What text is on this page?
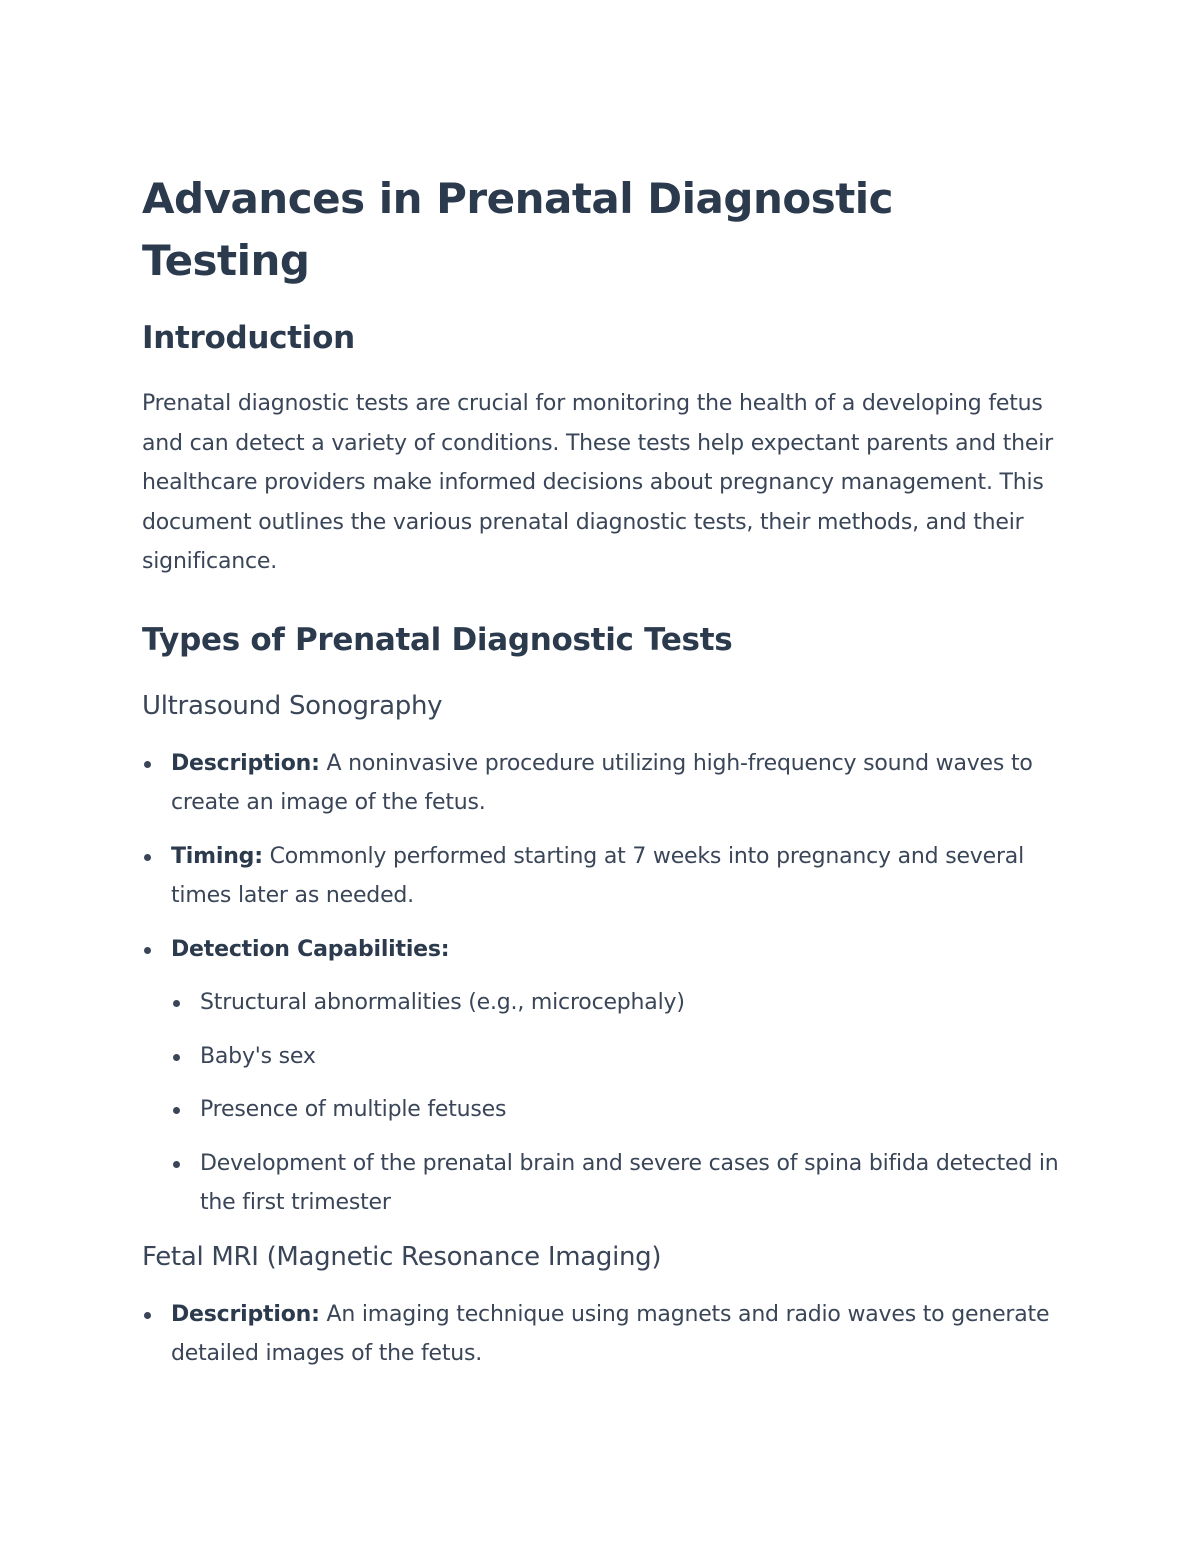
Advances in Prenatal Diagnostic Testing
Introduction

Prenatal diagnostic tests are crucial for monitoring the health of a developing fetus and can detect a variety of conditions. These tests help expectant parents and their healthcare providers make informed decisions about pregnancy management. This document outlines the various prenatal diagnostic tests, their methods, and their significance.

Types of Prenatal Diagnostic Tests
Ultrasound Sonography
Description: A noninvasive procedure utilizing high-frequency sound waves to create an image of the fetus.
Timing: Commonly performed starting at 7 weeks into pregnancy and several times later as needed.
Detection Capabilities:
Structural abnormalities (e.g., microcephaly)
Baby's sex
Presence of multiple fetuses
Development of the prenatal brain and severe cases of spina bifida detected in the first trimester
Fetal MRI (Magnetic Resonance Imaging)
Description: An imaging technique using magnets and radio waves to generate detailed images of the fetus.
